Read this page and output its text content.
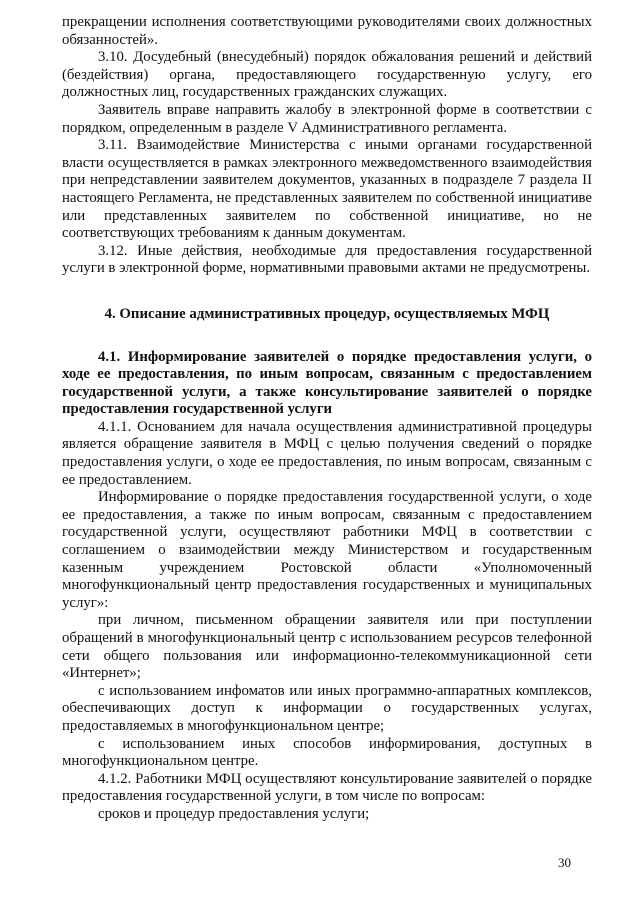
прекращении исполнения соответствующими руководителями своих должностных обязанностей».

3.10. Досудебный (внесудебный) порядок обжалования решений и действий (бездействия) органа, предоставляющего государственную услугу, его должностных лиц, государственных гражданских служащих.

Заявитель вправе направить жалобу в электронной форме в соответствии с порядком, определенным в разделе V Административного регламента.

3.11. Взаимодействие Министерства с иными органами государственной власти осуществляется в рамках электронного межведомственного взаимодействия при непредставлении заявителем документов, указанных в подразделе 7 раздела II настоящего Регламента, не представленных заявителем по собственной инициативе или представленных заявителем по собственной инициативе, но не соответствующих требованиям к данным документам.

3.12. Иные действия, необходимые для предоставления государственной услуги в электронной форме, нормативными правовыми актами не предусмотрены.

4. Описание административных процедур, осуществляемых МФЦ
4.1. Информирование заявителей о порядке предоставления услуги, о ходе ее предоставления, по иным вопросам, связанным с предоставлением государственной услуги, а также консультирование заявителей о порядке предоставления государственной услуги

4.1.1. Основанием для начала осуществления административной процедуры является обращение заявителя в МФЦ с целью получения сведений о порядке предоставления услуги, о ходе ее предоставления, по иным вопросам, связанным с ее предоставлением.

Информирование о порядке предоставления государственной услуги, о ходе ее предоставления, а также по иным вопросам, связанным с предоставлением государственной услуги, осуществляют работники МФЦ в соответствии с соглашением о взаимодействии между Министерством и государственным казенным учреждением Ростовской области «Уполномоченный многофункциональный центр предоставления государственных и муниципальных услуг»:

при личном, письменном обращении заявителя или при поступлении обращений в многофункциональный центр с использованием ресурсов телефонной сети общего пользования или информационно-телекоммуникационной сети «Интернет»;

с использованием инфоматов или иных программно-аппаратных комплексов, обеспечивающих доступ к информации о государственных услугах, предоставляемых в многофункциональном центре;

с использованием иных способов информирования, доступных в многофункциональном центре.

4.1.2. Работники МФЦ осуществляют консультирование заявителей о порядке предоставления государственной услуги, в том числе по вопросам:

сроков и процедур предоставления услуги;

30
